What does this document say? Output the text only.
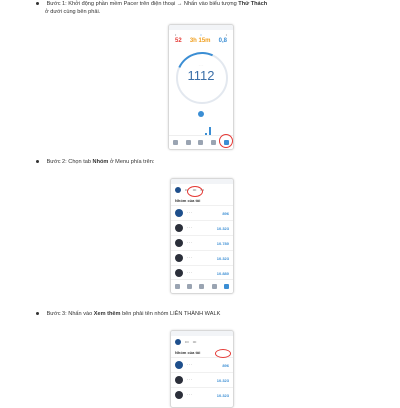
Bước 1: Khởi động phần mềm Pacer trên điện thoại → Nhấn vào biểu tượng Thử Thách
ở dưới cùng bên phải.
•	•	•
52 3h 15m 0,8
· · ·
1112
Bước 2: Chọn tab Nhóm ở Menu phía trên:
••• ••• •••
Nhóm của tôi
· · ·	896
· · ·	10.323
· · ·	10.780
· · ·	10.323
· · ·	10.880
Bước 3: Nhấn vào Xem thêm bên phải tên nhóm LIÊN THÀNH WALK
••• •••
Nhóm của tôi
· · ·	896
· · ·	10.323
· · ·	10.323
